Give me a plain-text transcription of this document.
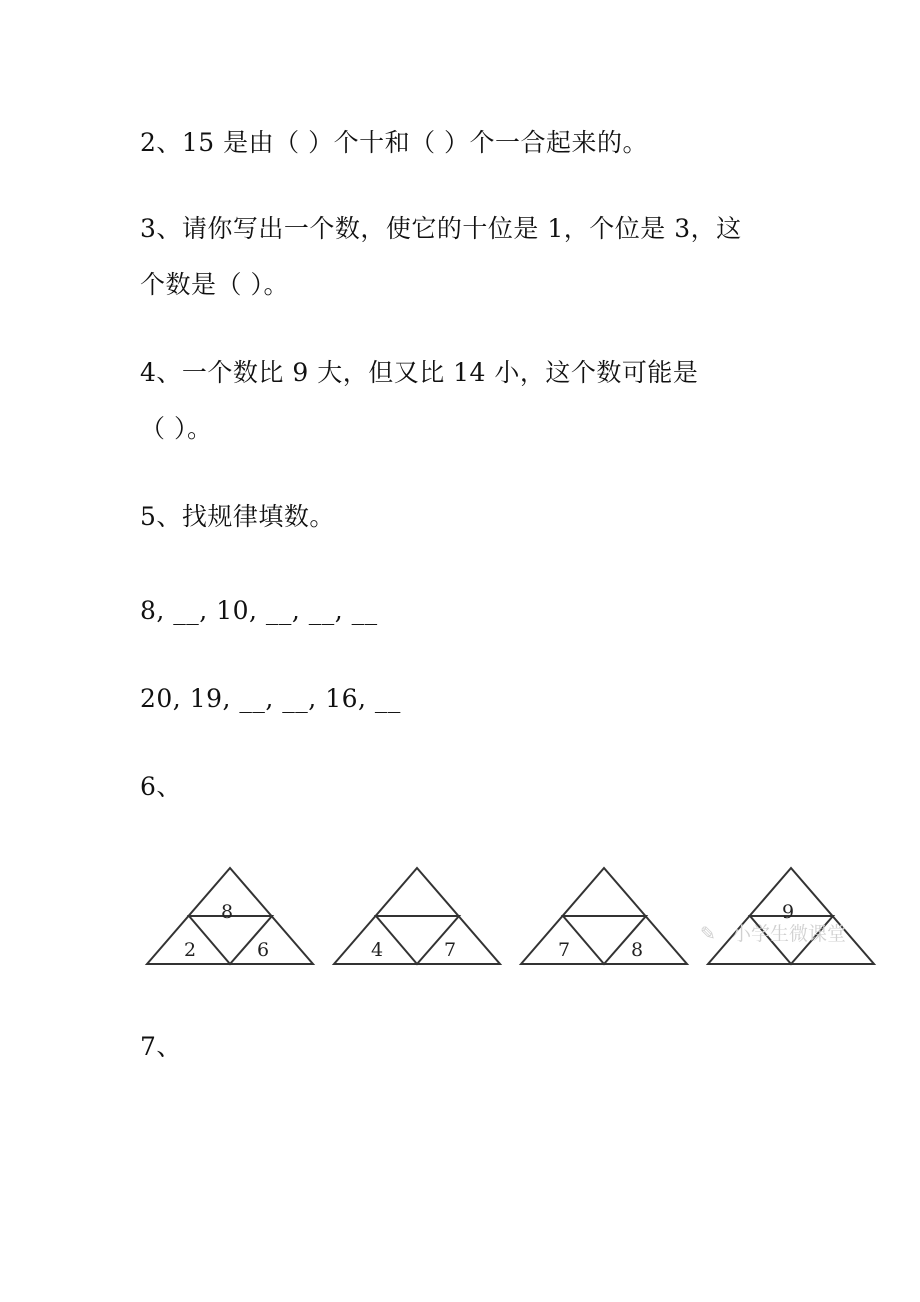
2、15 是由（ ）个十和（ ）个一合起来的。
3、请你写出一个数，使它的十位是 1，个位是 3，这
个数是（ ）。
4、一个数比 9 大，但又比 14 小，这个数可能是
（ ）。
5、找规律填数。
8, __, 10, __, __, __
20, 19, __, __, 16, __
6、
✎ 小学生微课堂
8
2	6	4	7	7	8
9
7、
